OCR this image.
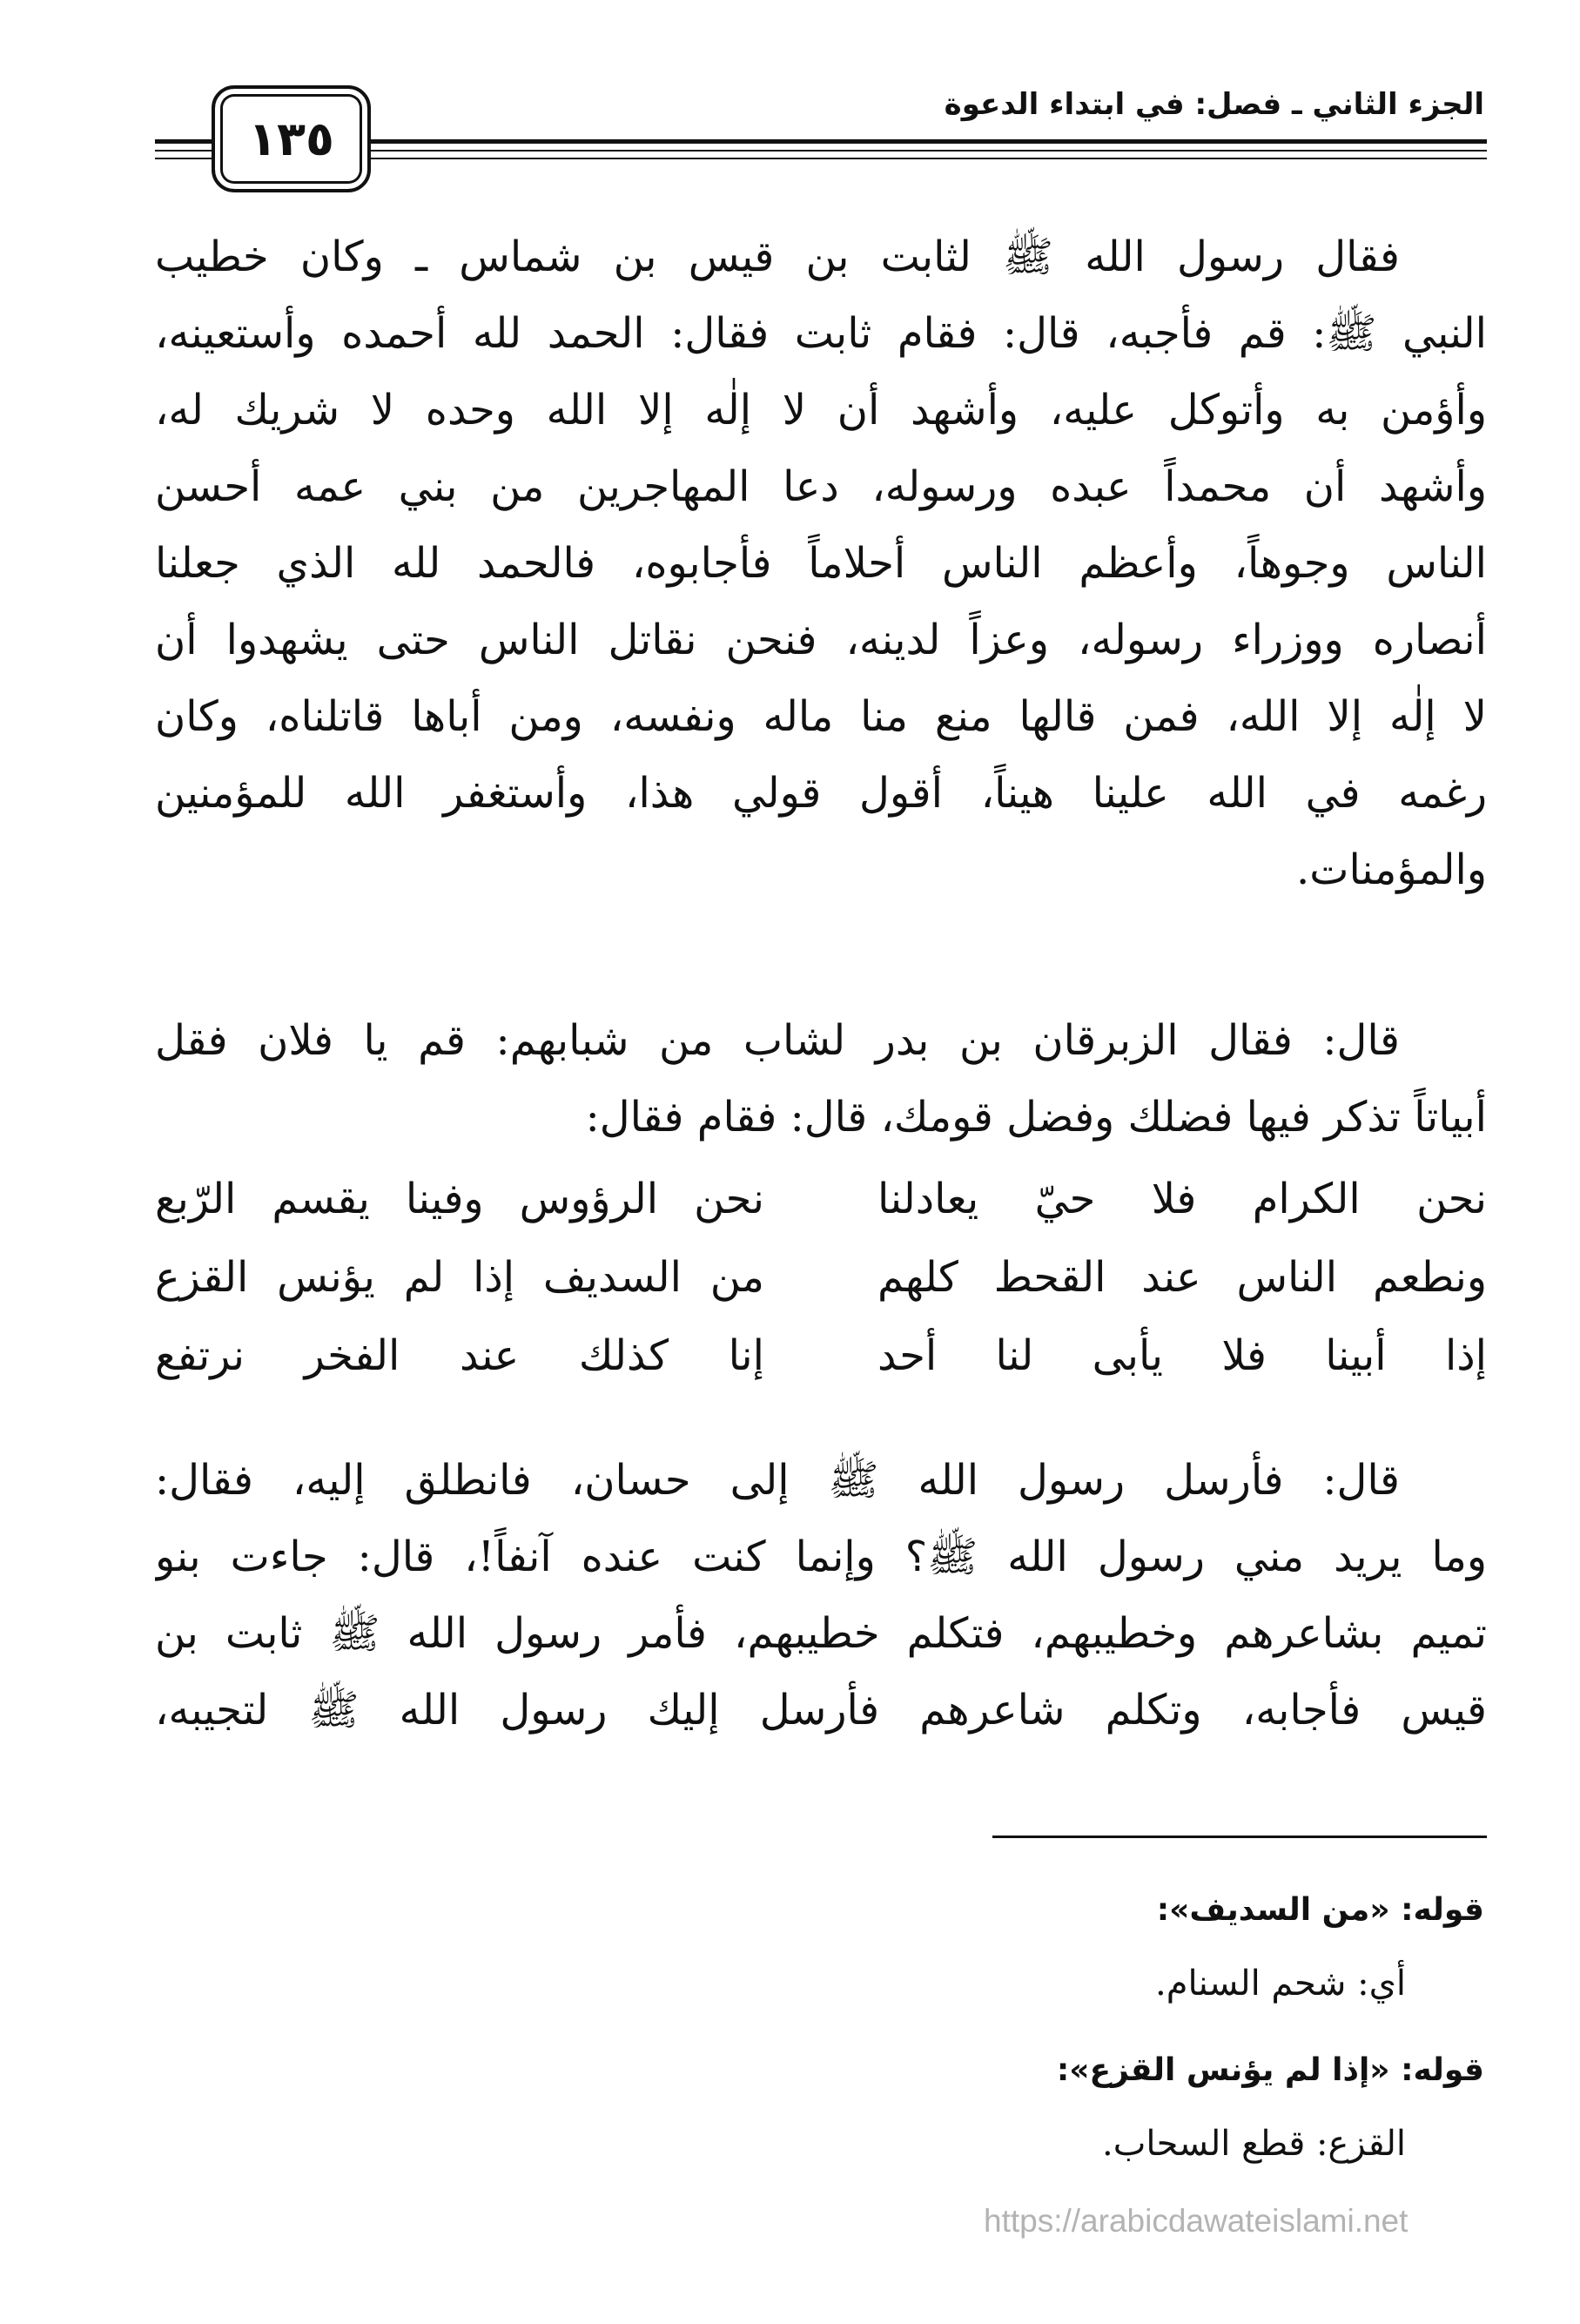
الجزء الثاني ـ فصل: في ابتداء الدعوة
١٣٥
فقال رسول الله ﷺ لثابت بن قيس بن شماس ـ وكان خطيب
النبي ﷺ: قم فأجبه، قال: فقام ثابت فقال: الحمد لله أحمده وأستعينه،
وأؤمن به وأتوكل عليه، وأشهد أن لا إلٰه إلا الله وحده لا شريك له،
وأشهد أن محمداً عبده ورسوله، دعا المهاجرين من بني عمه أحسن
الناس وجوهاً، وأعظم الناس أحلاماً فأجابوه، فالحمد لله الذي جعلنا
أنصاره ووزراء رسوله، وعزاً لدينه، فنحن نقاتل الناس حتى يشهدوا أن
لا إلٰه إلا الله، فمن قالها منع منا ماله ونفسه، ومن أباها قاتلناه، وكان
رغمه في الله علينا هيناً، أقول قولي هذا، وأستغفر الله للمؤمنين
والمؤمنات.
قال: فقال الزبرقان بن بدر لشاب من شبابهم: قم يا فلان فقل
أبياتاً تذكر فيها فضلك وفضل قومك، قال: فقام فقال:
نحن الكرام فلا حيّ يعادلنا
نحن الرؤوس وفينا يقسم الرّبع
ونطعم الناس عند القحط كلهم
من السديف إذا لم يؤنس القزع
إذا أبينا فلا يأبى لنا أحد
إنا كذلك عند الفخر نرتفع
قال: فأرسل رسول الله ﷺ إلى حسان، فانطلق إليه، فقال:
وما يريد مني رسول الله ﷺ؟ وإنما كنت عنده آنفاً!، قال: جاءت بنو
تميم بشاعرهم وخطيبهم، فتكلم خطيبهم، فأمر رسول الله ﷺ ثابت بن
قيس فأجابه، وتكلم شاعرهم فأرسل إليك رسول الله ﷺ لتجيبه،
قوله: «من السديف»:
أي: شحم السنام.
قوله: «إذا لم يؤنس القزع»:
القزع: قطع السحاب.
https://arabicdawateislami.net
